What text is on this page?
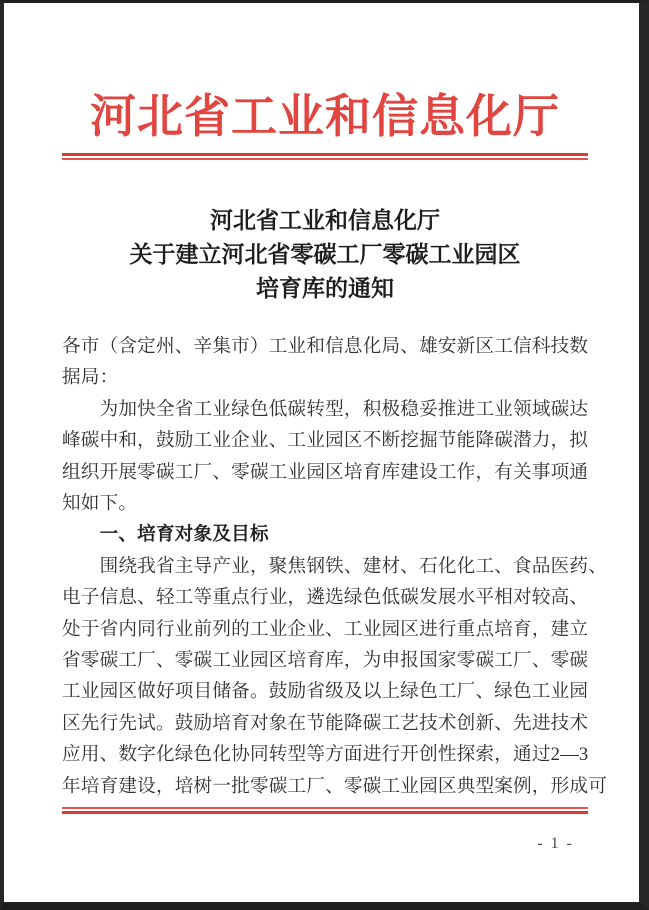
河北省工业和信息化厅
河北省工业和信息化厅
关于建立河北省零碳工厂零碳工业园区
培育库的通知
各市（含定州、辛集市）工业和信息化局、雄安新区工信科技数
据局：
　　为加快全省工业绿色低碳转型，积极稳妥推进工业领域碳达
峰碳中和，鼓励工业企业、工业园区不断挖掘节能降碳潜力，拟
组织开展零碳工厂、零碳工业园区培育库建设工作，有关事项通
知如下。
　　一、培育对象及目标
　　围绕我省主导产业，聚焦钢铁、建材、石化化工、食品医药、
电子信息、轻工等重点行业，遴选绿色低碳发展水平相对较高、
处于省内同行业前列的工业企业、工业园区进行重点培育，建立
省零碳工厂、零碳工业园区培育库，为申报国家零碳工厂、零碳
工业园区做好项目储备。鼓励省级及以上绿色工厂、绿色工业园
区先行先试。鼓励培育对象在节能降碳工艺技术创新、先进技术
应用、数字化绿色化协同转型等方面进行开创性探索，通过2—3
年培育建设，培树一批零碳工厂、零碳工业园区典型案例，形成可
- 1 -
